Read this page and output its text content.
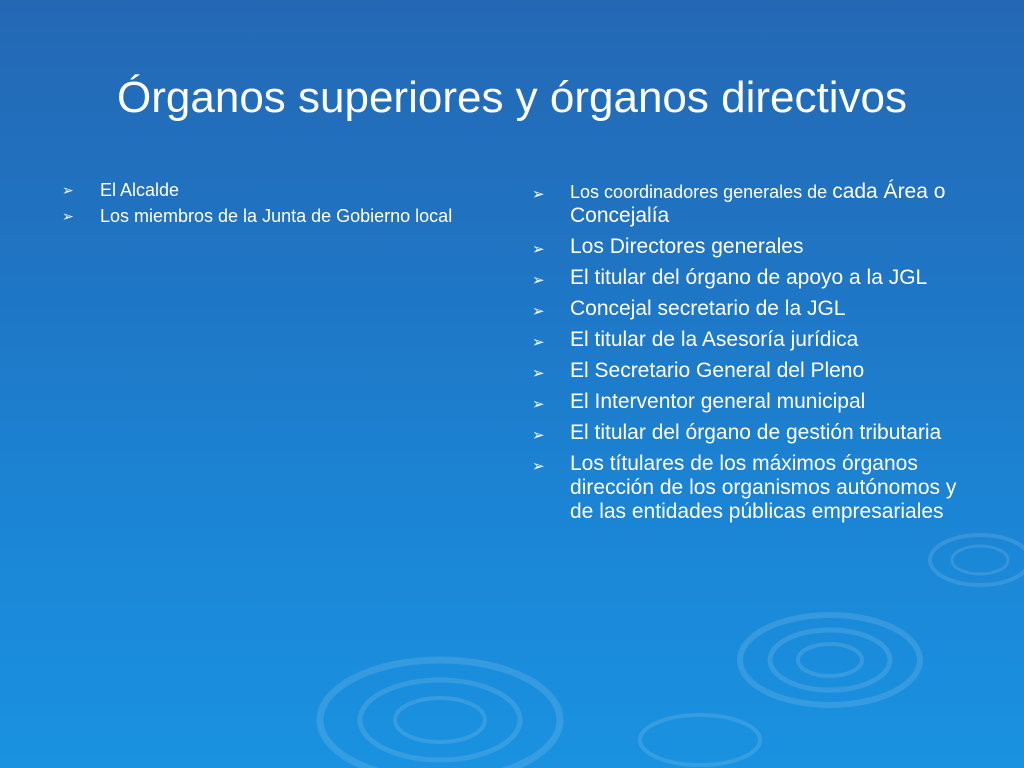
Órganos superiores y órganos directivos
➢ El Alcalde
➢ Los miembros de la Junta de Gobierno local
➢ Los coordinadores generales de cada Área o Concejalía
➢ Los Directores generales
➢ El titular del órgano de apoyo a la JGL
➢ Concejal secretario de la JGL
➢ El titular de la Asesoría jurídica
➢ El Secretario General del Pleno
➢ El Interventor general municipal
➢ El titular del órgano de gestión tributaria
➢ Los títulares de los máximos órganos dirección de los organismos autónomos y de las entidades públicas empresariales
